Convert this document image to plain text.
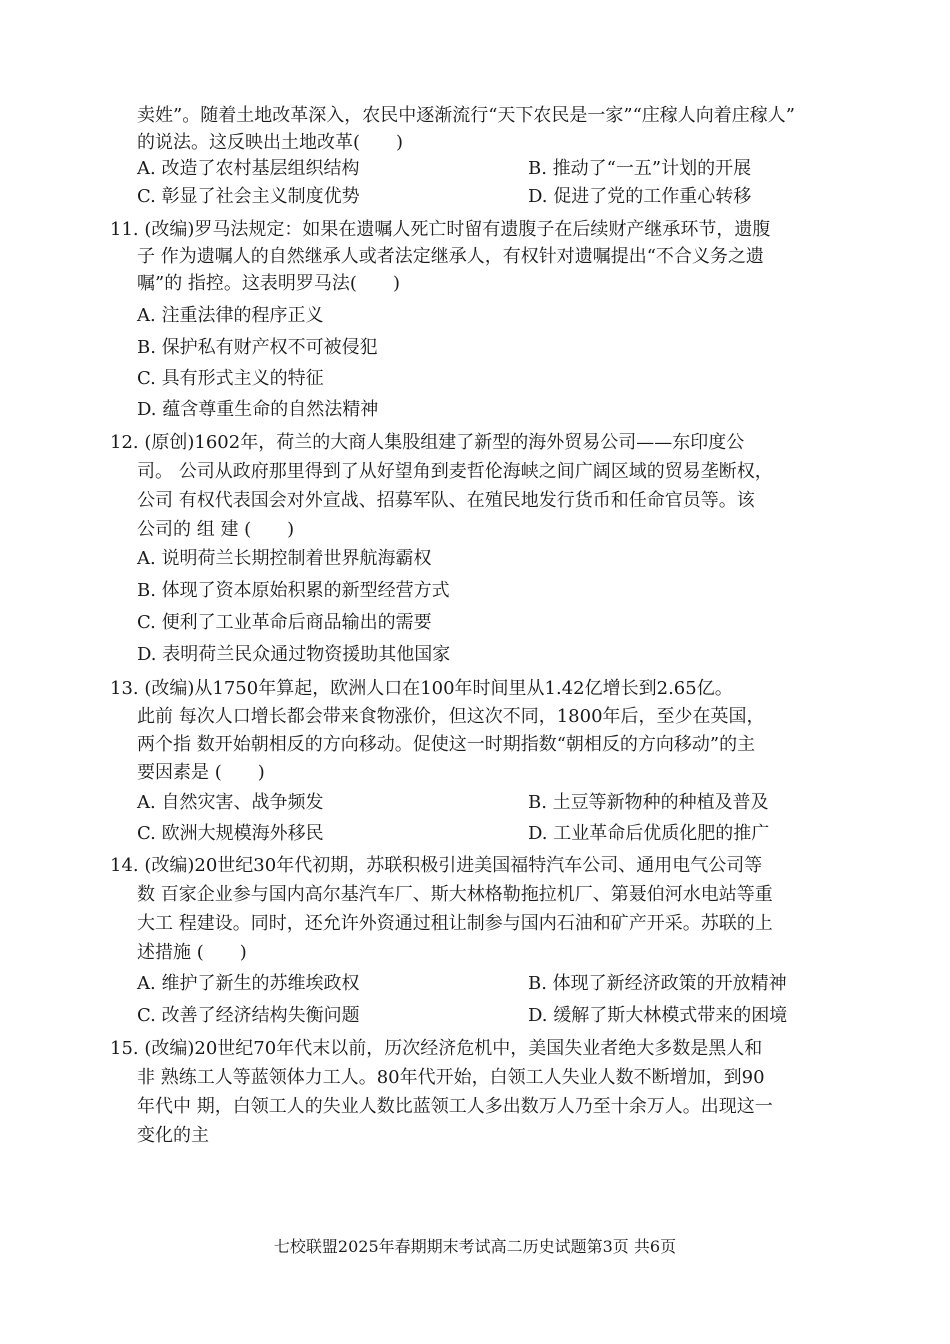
卖姓”。随着土地改革深入，农民中逐渐流行“天下农民是一家”“庄稼人向着庄稼人”
的说法。这反映出土地改革(　　)
A. 改造了农村基层组织结构	B. 推动了“一五”计划的开展
C. 彰显了社会主义制度优势	D. 促进了党的工作重心转移
11. (改编)罗马法规定：如果在遗嘱人死亡时留有遗腹子在后续财产继承环节，遗腹
子 作为遗嘱人的自然继承人或者法定继承人，有权针对遗嘱提出“不合义务之遗
嘱”的 指控。这表明罗马法(　　)
A. 注重法律的程序正义
B. 保护私有财产权不可被侵犯
C. 具有形式主义的特征
D. 蕴含尊重生命的自然法精神
12. (原创)1602年，荷兰的大商人集股组建了新型的海外贸易公司——东印度公
司。 公司从政府那里得到了从好望角到麦哲伦海峡之间广阔区域的贸易垄断权，
公司 有权代表国会对外宣战、招募军队、在殖民地发行货币和任命官员等。该
公司的 组 建 (　　)
A. 说明荷兰长期控制着世界航海霸权
B. 体现了资本原始积累的新型经营方式
C. 便利了工业革命后商品输出的需要
D. 表明荷兰民众通过物资援助其他国家
13. (改编)从1750年算起，欧洲人口在100年时间里从1.42亿增长到2.65亿。
此前 每次人口增长都会带来食物涨价，但这次不同，1800年后，至少在英国，
两个指 数开始朝相反的方向移动。促使这一时期指数“朝相反的方向移动”的主
要因素是 (　　)
A. 自然灾害、战争频发	B. 土豆等新物种的种植及普及
C. 欧洲大规模海外移民	D. 工业革命后优质化肥的推广
14. (改编)20世纪30年代初期，苏联积极引进美国福特汽车公司、通用电气公司等
数 百家企业参与国内高尔基汽车厂、斯大林格勒拖拉机厂、第聂伯河水电站等重
大工 程建设。同时，还允许外资通过租让制参与国内石油和矿产开采。苏联的上
述措施 (　　)
A. 维护了新生的苏维埃政权	B. 体现了新经济政策的开放精神
C. 改善了经济结构失衡问题	D. 缓解了斯大林模式带来的困境
15. (改编)20世纪70年代末以前，历次经济危机中，美国失业者绝大多数是黑人和
非 熟练工人等蓝领体力工人。80年代开始，白领工人失业人数不断增加，到90
年代中 期，白领工人的失业人数比蓝领工人多出数万人乃至十余万人。出现这一
变化的主
七校联盟2025年春期期末考试高二历史试题第3页 共6页
